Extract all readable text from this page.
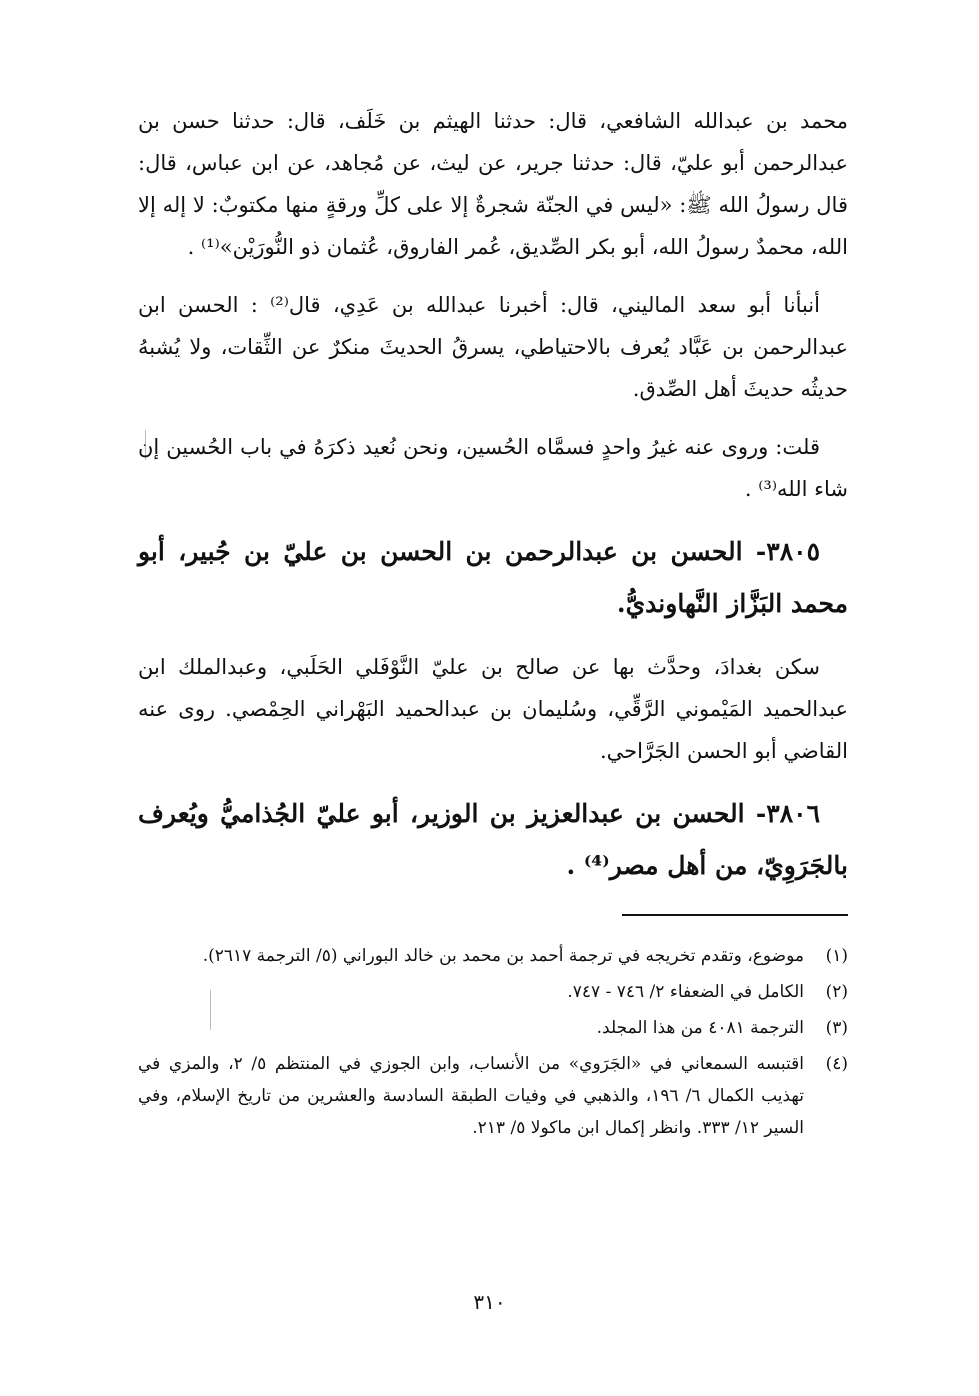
محمد بن عبدالله الشافعي، قال: حدثنا الهيثم بن خَلَف، قال: حدثنا حسن بن عبدالرحمن أبو عليّ، قال: حدثنا جرير، عن ليث، عن مُجاهد، عن ابن عباس، قال: قال رسولُ الله ﷺ: «ليس في الجنّة شجرةٌ إلا على كلِّ ورقةٍ منها مكتوبٌ: لا إله إلا الله، محمدٌ رسولُ الله، أبو بكر الصِّديق، عُمر الفاروق، عُثمان ذو النُّورَيْن»⁽¹⁾ .

أنبأنا أبو سعد الماليني، قال: أخبرنا عبدالله بن عَدِي، قال⁽²⁾ : الحسن ابن عبدالرحمن بن عَبَّاد يُعرف بالاحتياطي، يسرقُ الحديثَ منكرٌ عن الثِّقات، ولا يُشبهُ حديثُه حديثَ أهل الصِّدق.

قلت: وروى عنه غيرُ واحدٍ فسمَّاه الحُسين، ونحن نُعيد ذكرَهُ في باب الحُسين إن شاء الله⁽³⁾ .

٣٨٠٥- الحسن بن عبدالرحمن بن الحسن بن عليّ بن جُبير، أبو محمد البَزَّاز النَّهاونديُّ.

سكن بغدادَ، وحدَّث بها عن صالح بن عليّ النَّوْفَلي الحَلَبي، وعبدالملك ابن عبدالحميد المَيْموني الرَّقِّي، وسُليمان بن عبدالحميد البَهْراني الحِمْصي. روى عنه القاضي أبو الحسن الجَرَّاحي.

٣٨٠٦- الحسن بن عبدالعزيز بن الوزير، أبو عليّ الجُذاميُّ ويُعرف بالجَرَوِيّ، من أهل مصر⁽⁴⁾ .
(١)
موضوع، وتقدم تخريجه في ترجمة أحمد بن محمد بن خالد البوراني (٥/ الترجمة ٢٦١٧).
(٢)
الكامل في الضعفاء ٢/ ٧٤٦ - ٧٤٧.
(٣)
الترجمة ٤٠٨١ من هذا المجلد.
(٤)
اقتبسه السمعاني في «الجَرَوي» من الأنساب، وابن الجوزي في المنتظم ٥/ ٢، والمزي في تهذيب الكمال ٦/ ١٩٦، والذهبي في وفيات الطبقة السادسة والعشرين من تاريخ الإسلام، وفي السير ١٢/ ٣٣٣. وانظر إكمال ابن ماكولا ٥/ ٢١٣.
٣١٠
